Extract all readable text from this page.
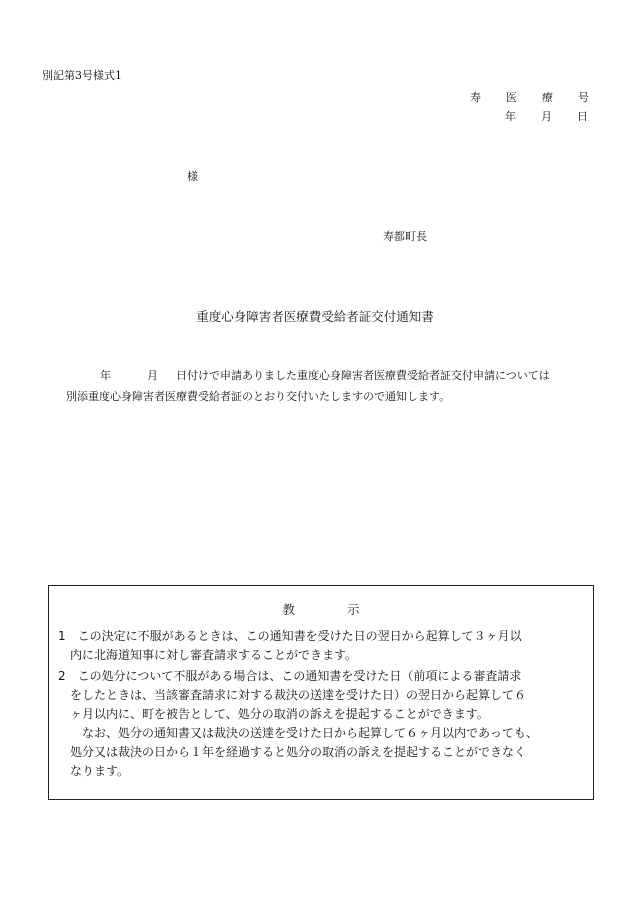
別記第3号様式1
寿 医 療 号
年 月 日
様
寿都町長
重度心身障害者医療費受給者証交付通知書
年	月 日付けで申請ありました重度心身障害者医療費受給者証交付申請については
別添重度心身障害者医療費受給者証のとおり交付いたしますので通知します。
教	示
1　この決定に不服があるときは、この通知書を受けた日の翌日から起算して３ヶ月以
　内に北海道知事に対し審査請求することができます。
2　この処分について不服がある場合は、この通知書を受けた日（前項による審査請求
　をしたときは、当該審査請求に対する裁決の送達を受けた日）の翌日から起算して６
　ヶ月以内に、町を被告として、処分の取消の訴えを提起することができます。
　　なお、処分の通知書又は裁決の送達を受けた日から起算して６ヶ月以内であっても、
　処分又は裁決の日から１年を経過すると処分の取消の訴えを提起することができなく
　なります。
